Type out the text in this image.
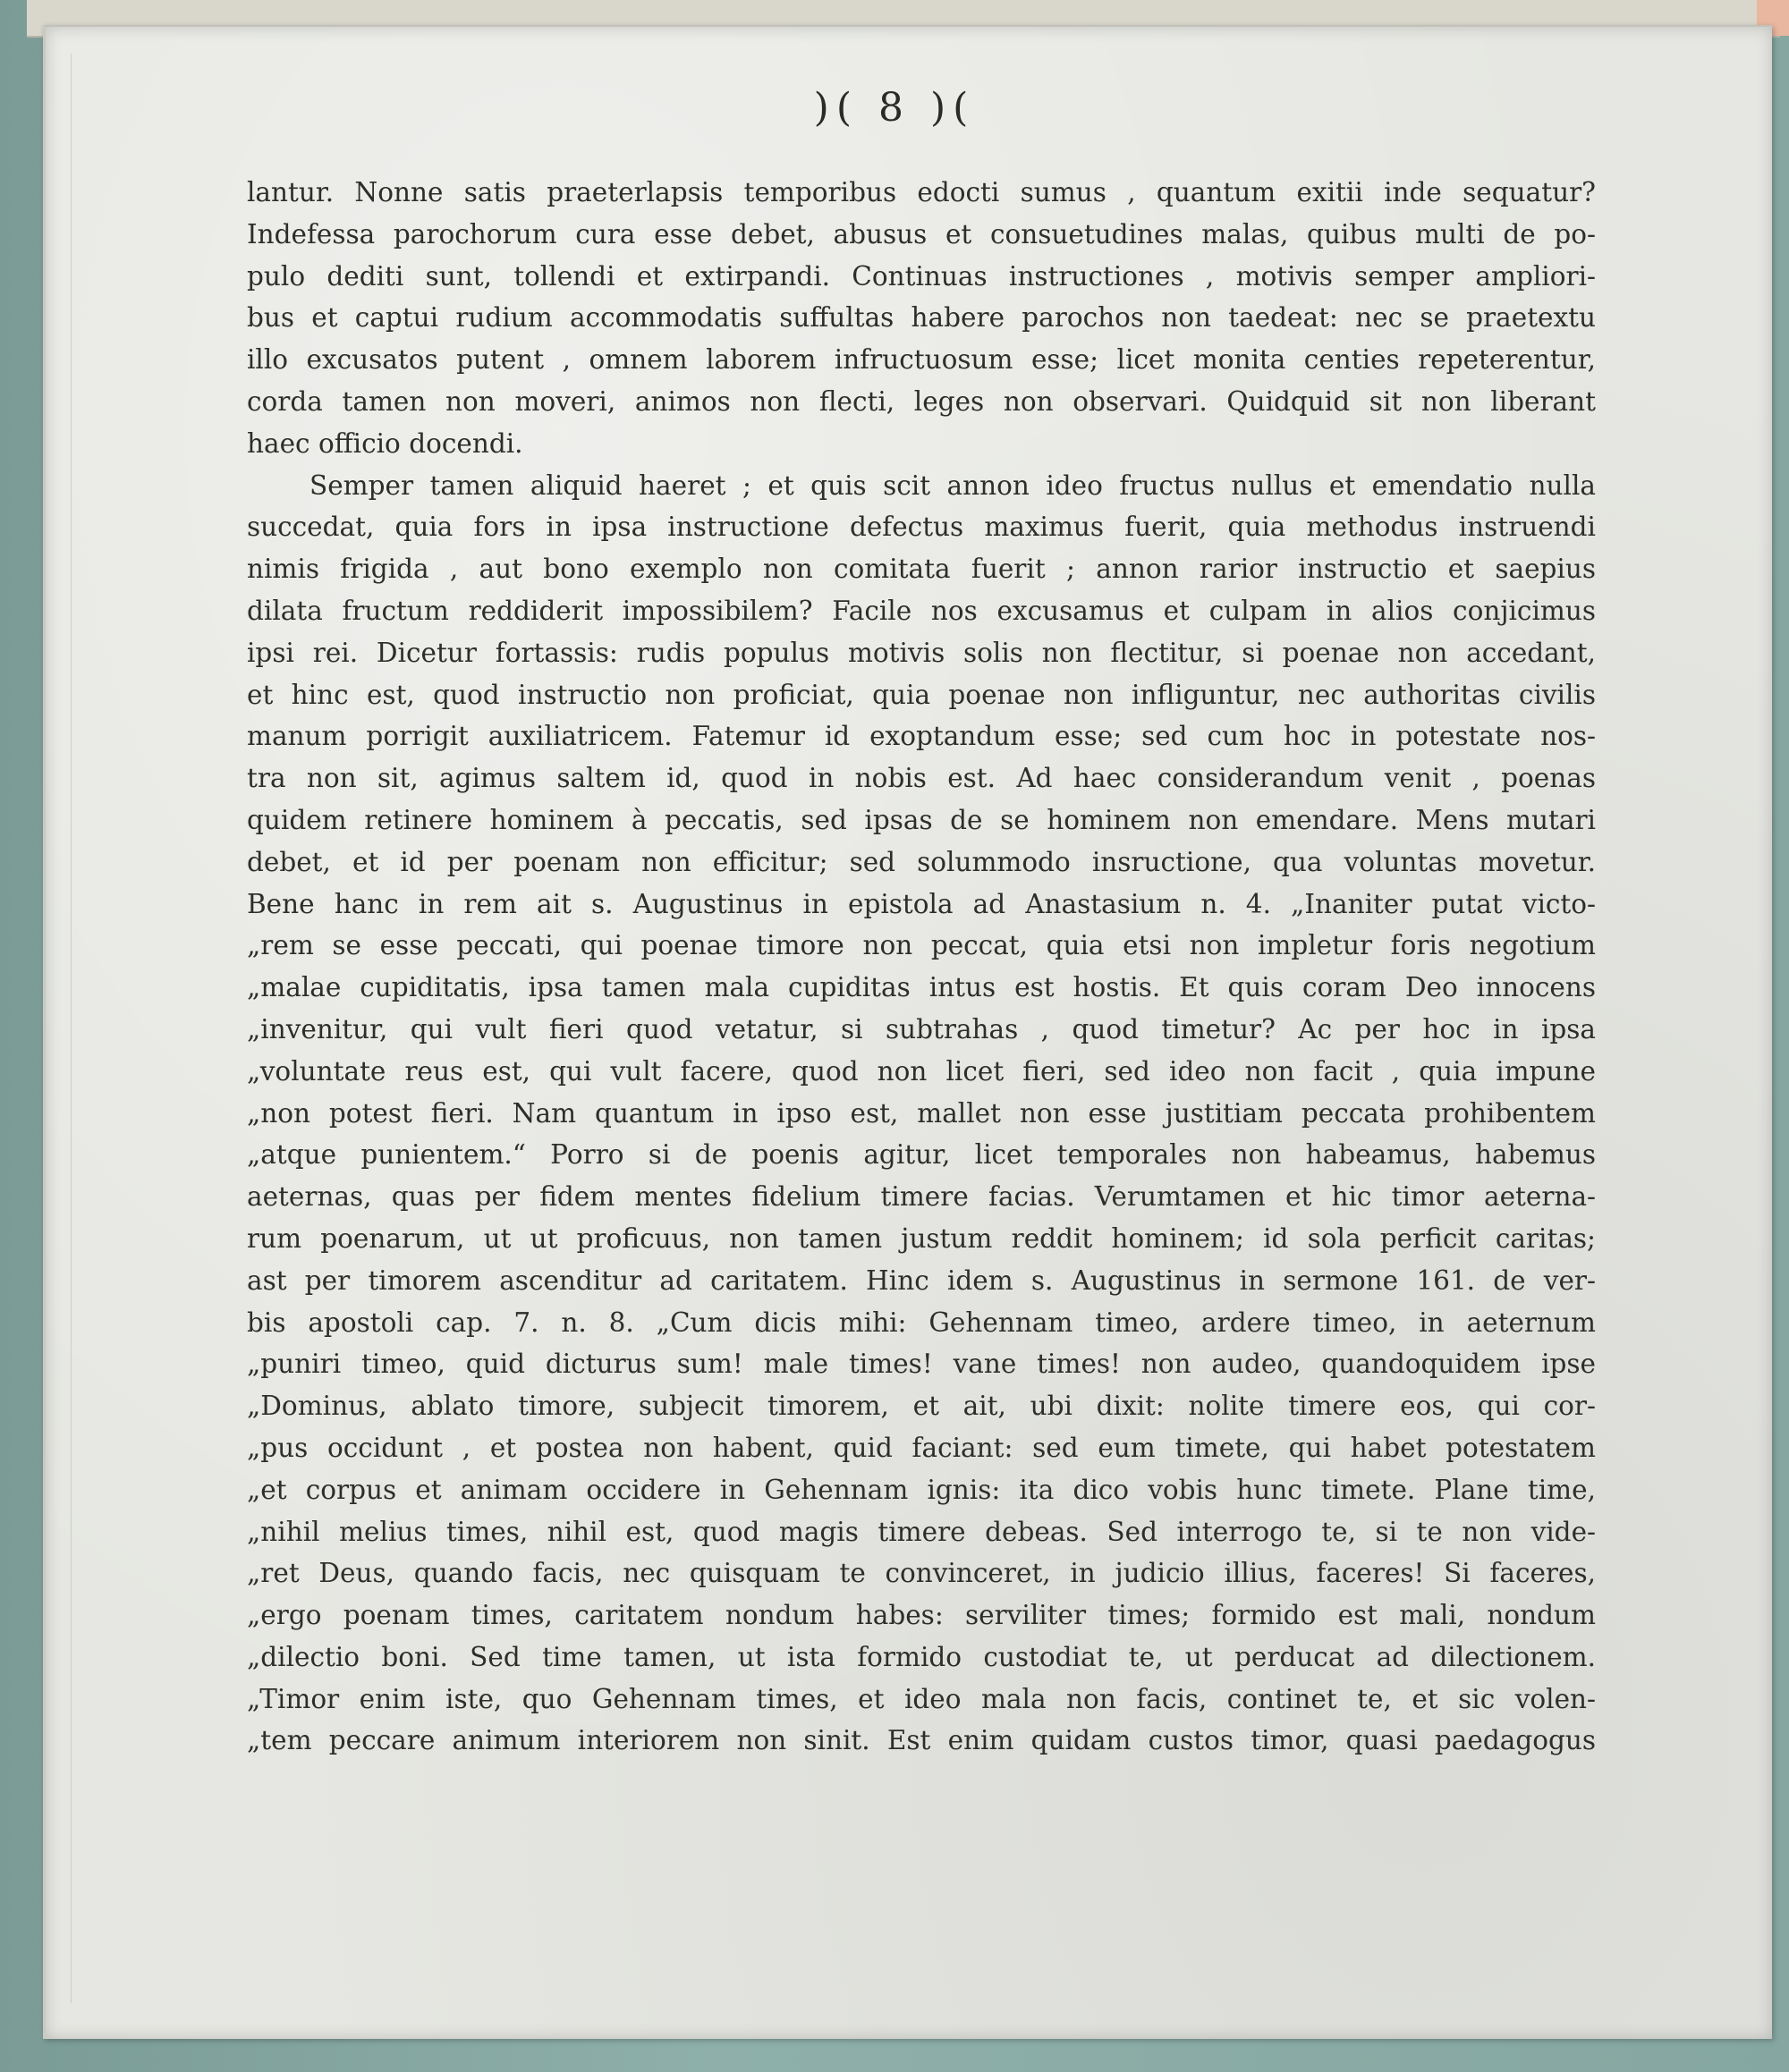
)( 8 )(
lantur. Nonne satis praeterlapsis temporibus edocti sumus , quantum exitii inde sequatur?
Indefessa parochorum cura esse debet, abusus et consuetudines malas, quibus multi de po-
pulo dediti sunt, tollendi et extirpandi. Continuas instructiones , motivis semper ampliori-
bus et captui rudium accommodatis suffultas habere parochos non taedeat: nec se praetextu
illo excusatos putent , omnem laborem infructuosum esse; licet monita centies repeterentur,
corda tamen non moveri, animos non flecti, leges non observari. Quidquid sit non liberant
haec officio docendi.
Semper tamen aliquid haeret ; et quis scit annon ideo fructus nullus et emendatio nulla
succedat, quia fors in ipsa instructione defectus maximus fuerit, quia methodus instruendi
nimis frigida , aut bono exemplo non comitata fuerit ; annon rarior instructio et saepius
dilata fructum reddiderit impossibilem? Facile nos excusamus et culpam in alios conjicimus
ipsi rei. Dicetur fortassis: rudis populus motivis solis non flectitur, si poenae non accedant,
et hinc est, quod instructio non proficiat, quia poenae non infliguntur, nec authoritas civilis
manum porrigit auxiliatricem. Fatemur id exoptandum esse; sed cum hoc in potestate nos-
tra non sit, agimus saltem id, quod in nobis est. Ad haec considerandum venit , poenas
quidem retinere hominem à peccatis, sed ipsas de se hominem non emendare. Mens mutari
debet, et id per poenam non efficitur; sed solummodo insructione, qua voluntas movetur.
Bene hanc in rem ait s. Augustinus in epistola ad Anastasium n. 4. „Inaniter putat victo-
„rem se esse peccati, qui poenae timore non peccat, quia etsi non impletur foris negotium
„malae cupiditatis, ipsa tamen mala cupiditas intus est hostis. Et quis coram Deo innocens
„invenitur, qui vult fieri quod vetatur, si subtrahas , quod timetur? Ac per hoc in ipsa
„voluntate reus est, qui vult facere, quod non licet fieri, sed ideo non facit , quia impune
„non potest fieri. Nam quantum in ipso est, mallet non esse justitiam peccata prohibentem
„atque punientem.“ Porro si de poenis agitur, licet temporales non habeamus, habemus
aeternas, quas per fidem mentes fidelium timere facias. Verumtamen et hic timor aeterna-
rum poenarum, ut ut proficuus, non tamen justum reddit hominem; id sola perficit caritas;
ast per timorem ascenditur ad caritatem. Hinc idem s. Augustinus in sermone 161. de ver-
bis apostoli cap. 7. n. 8. „Cum dicis mihi: Gehennam timeo, ardere timeo, in aeternum
„puniri timeo, quid dicturus sum! male times! vane times! non audeo, quandoquidem ipse
„Dominus, ablato timore, subjecit timorem, et ait, ubi dixit: nolite timere eos, qui cor-
„pus occidunt , et postea non habent, quid faciant: sed eum timete, qui habet potestatem
„et corpus et animam occidere in Gehennam ignis: ita dico vobis hunc timete. Plane time,
„nihil melius times, nihil est, quod magis timere debeas. Sed interrogo te, si te non vide-
„ret Deus, quando facis, nec quisquam te convinceret, in judicio illius, faceres! Si faceres,
„ergo poenam times, caritatem nondum habes: serviliter times; formido est mali, nondum
„dilectio boni. Sed time tamen, ut ista formido custodiat te, ut perducat ad dilectionem.
„Timor enim iste, quo Gehennam times, et ideo mala non facis, continet te, et sic volen-
„tem peccare animum interiorem non sinit. Est enim quidam custos timor, quasi paedagogus
